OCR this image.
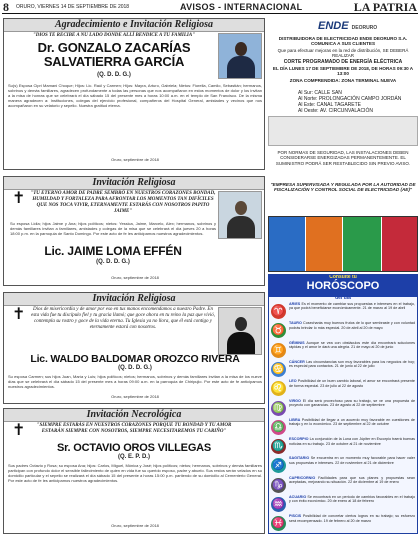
8 ORURO, VIERNES 14 DE SEPTIEMBRE DE 2018	AVISOS - INTERNACIONAL	LA PATRIA
Agradecimiento e Invitación Religiosa
"DIOS TE RECIBE A NU LADO DONDE ALLÍ BENDICE A TU FAMILIA"
Dr. GONZALO ZACARÍAS
SALVATIERRA GARCÍA
(Q. D. D. G.)
Su(s) Esposa Cipri Mamani Choque; Hijos: Lic. Raúl y Carmen; Hijos: Mayra, Arturo, Gabriela; Nietos: Fiorella, Camilo, Sebastián; hermanos, sobrinos y demás familiares, agradecen profundamente a todas las personas que nos acompañaron en estos momentos de dolor y los invitan a la misa de honras que se celebrará el día sábado 15 del presente mes a horas 10:00 a.m. en el templo de San Francisco. De la misma manera agradecen a: Instituciones, colegas del ejercicio profesional, compañeros del Hospital General, amistades y vecinos que nos acompañaron en su velatorio y sepelio. Nuestra gratitud eterna.
Oruro, septiembre de 2018
Invitación Religiosa
✝ "TU ETERNO AMOR DE PADRE SEMBRÓ EN NUESTROS CORAZONES BONDAD, HUMILDAD Y FORTALEZA PARA AFRONTAR LOS MOMENTOS TAN DIFÍCILES QUE NOS TOCA VIVIR, ETERNAMENTE ESTARÁS CON NOSOTROS PAPITO JAIME"
Su esposa Lidia; hijos Jaime y Ana; hijos políticos; nietos: Yessica, Jaime, Marcelo, Alex; hermanos, sobrinos y demás familiares invitan a familiares, amistades y colegas de la misa que se celebrará el día jueves 20 a horas 18:00 p.m. en la parroquia de Santo Domingo. Por este acto de fe les anticipamos nuestros agradecimientos.
Lic. JAIME LOMA EFFÉN
(Q. D. D. G.)
Oruro, septiembre de 2018
Invitación Religiosa
✝	Dios de misericordia y de amor por eso en tus manos encomendamos a nuestro Padre. En esta vida fue tu discípulo fiel y tu gracia llamó; que goce ahora en tu reino la paz que vivió, contempla su rostro y goce de la vida eterna. Tu Iglesia ya no llora, que él está contigo y eternamente estará con nosotros.
Lic. WALDO BALDOMAR OROZCO RIVERA
(Q. D. D. G.)
Su esposa Carmen; sus hijos Juan, María y Luis; hijos políticos; nietos; hermanos, sobrinos y demás familiares invitan a la misa de los nueve días que se celebrará el día sábado 15 del presente mes a horas 09:00 a.m. en la parroquia de Chiripujio. Por este acto de fe anticipamos nuestros agradecimientos.
Oruro, septiembre de 2018
Invitación Necrológica
✝	"SIEMPRE ESTARÁS EN NUESTROS CORAZONES PORQUE TU BONDAD Y TU AMOR ESTARÁN SIEMPRE CON NOSOTROS, SIEMPRE NECESITAREMOS TU CARIÑO"
Sr. OCTAVIO OROS VILLEGAS
(Q. E. P. D.)
Sus padres Octavio y Rosa; su esposa Ana; hijos: Carlos, Miguel, Mónica y José; hijos políticos; nietos; hermanos, sobrinos y demás familiares participan con profundo dolor el sensible fallecimiento de quien en vida fue su querido esposo, padre y abuelo. Sus restos serán velados en su domicilio particular y el sepelio se realizará el día sábado 15 del presente a horas 15:00 p.m. partiendo de su domicilio al Cementerio General. Por este acto de fe les anticipamos nuestros agradecimientos.
Oruro, septiembre de 2018
ENDE DEORURO
DISTRIBUIDORA DE ELECTRICIDAD ENDE DEORURO S.A. COMUNICA A SUS CLIENTES
Que para efectuar mejoras en la red de distribución, SE DEBERÁ REALIZAR
CORTE PROGRAMADO DE ENERGÍA ELÉCTRICA
EL DÍA LUNES 17 DE SEPTIEMBRE DE 2018, DE HORAS 09:30 A 13:00
ZONA COMPRENDIDA: ZONA TERMINAL NUEVA
Al Sur: CALLE SAN
Al Norte: PROLONGACIÓN CAMPO JORDÁN
Al Este: CANAL TAGARETE
Al Oeste: AV. CIRCUNVALACIÓN
POR NORMAS DE SEGURIDAD, LAS INSTALACIONES DEBEN CONSIDERARSE ENERGIZADAS PERMANENTEMENTE. EL SUMINISTRO PODRÁ SER RESTABLECIDO SIN PREVIO AVISO.
"EMPRESA SUPERVISADA Y REGULADA POR LA AUTORIDAD DE FISCALIZACIÓN Y CONTROL SOCIAL DE ELECTRICIDAD (AE)"
Consulte tu
HORÓSCOPO
del día
♈
ARIES Es el momento de cambiar sus propuestas e intereses en el trabajo, ya que podrá beneficiarse económicamente. 21 de marzo al 19 de abril
♉
TAURO Cosecharás muy buenos frutos de lo que sembraste y con voluntad podrás brindar lo más especial. 20 de abril al 20 de mayo
♊
GÉMINIS Aunque se vea con obstáculos este día encontrará soluciones rápidas y el amor le dará una alegría. 21 de mayo al 20 de junio
♋
CÁNCER Las circunstancias son muy favorables para los negocios de hoy; es especial para contactos. 21 de junio al 22 de julio
♌
LEO Posibilidad de un buen cambio laboral, el amor se encontrará presente de forma especial. 23 de julio al 22 de agosto
♍
VIRGO El día será provechoso para su trabajo, se ve una propuesta de proyecto con ganancias. 23 de agosto al 22 de septiembre
♎
LIBRA Posibilidad de llegar a un acuerdo muy favorable en cuestiones de trabajo y en lo económico. 23 de septiembre al 22 de octubre
♏
ESCORPIO La conjunción de la Luna con Júpiter en Escorpio traerá buenas noticias en su trabajo. 23 de octubre al 21 de noviembre
♐
SAGITARIO Se encuentra en un momento muy favorable para hacer valer sus propuestas e intereses. 22 de noviembre al 21 de diciembre
♑
CAPRICORNIO Facilidades para que sus planes y propuestas sean aceptadas, mejorando su situación. 22 de diciembre al 19 de enero
♒
ACUARIO Se encontrará en un periodo de cambios favorables en el trabajo y con éxito económico. 20 de enero al 18 de febrero
♓
PISCIS Posibilidad de concretar ciertos logros en su trabajo; su esfuerzo será recompensado. 19 de febrero al 20 de marzo
